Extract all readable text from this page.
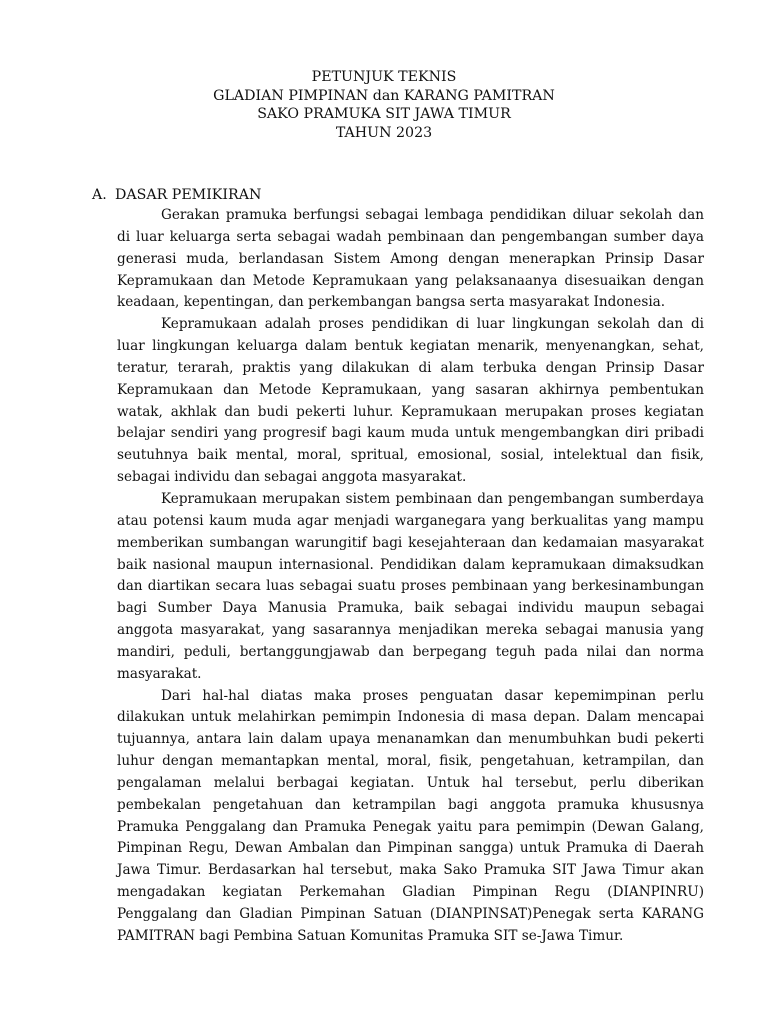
PETUNJUK TEKNIS
GLADIAN PIMPINAN dan KARANG PAMITRAN
SAKO PRAMUKA SIT JAWA TIMUR
TAHUN 2023
A. DASAR PEMIKIRAN

Gerakan pramuka berfungsi sebagai lembaga pendidikan diluar sekolah dan di luar keluarga serta sebagai wadah pembinaan dan pengembangan sumber daya generasi muda, berlandasan Sistem Among dengan menerapkan Prinsip Dasar Kepramukaan dan Metode Kepramukaan yang pelaksanaanya disesuaikan dengan keadaan, kepentingan, dan perkembangan bangsa serta masyarakat Indonesia.

Kepramukaan adalah proses pendidikan di luar lingkungan sekolah dan di luar lingkungan keluarga dalam bentuk kegiatan menarik, menyenangkan, sehat, teratur, terarah, praktis yang dilakukan di alam terbuka dengan Prinsip Dasar Kepramukaan dan Metode Kepramukaan, yang sasaran akhirnya pembentukan watak, akhlak dan budi pekerti luhur. Kepramukaan merupakan proses kegiatan belajar sendiri yang progresif bagi kaum muda untuk mengembangkan diri pribadi seutuhnya baik mental, moral, spritual, emosional, sosial, intelektual dan fisik, sebagai individu dan sebagai anggota masyarakat.

Kepramukaan merupakan sistem pembinaan dan pengembangan sumberdaya atau potensi kaum muda agar menjadi warganegara yang berkualitas yang mampu memberikan sumbangan warungitif bagi kesejahteraan dan kedamaian masyarakat baik nasional maupun internasional. Pendidikan dalam kepramukaan dimaksudkan dan diartikan secara luas sebagai suatu proses pembinaan yang berkesinambungan bagi Sumber Daya Manusia Pramuka, baik sebagai individu maupun sebagai anggota masyarakat, yang sasarannya menjadikan mereka sebagai manusia yang mandiri, peduli, bertanggungjawab dan berpegang teguh pada nilai dan norma masyarakat.

Dari hal-hal diatas maka proses penguatan dasar kepemimpinan perlu dilakukan untuk melahirkan pemimpin Indonesia di masa depan. Dalam mencapai tujuannya, antara lain dalam upaya menanamkan dan menumbuhkan budi pekerti luhur dengan memantapkan mental, moral, fisik, pengetahuan, ketrampilan, dan pengalaman melalui berbagai kegiatan. Untuk hal tersebut, perlu diberikan pembekalan pengetahuan dan ketrampilan bagi anggota pramuka khususnya Pramuka Penggalang dan Pramuka Penegak yaitu para pemimpin (Dewan Galang, Pimpinan Regu, Dewan Ambalan dan Pimpinan sangga) untuk Pramuka di Daerah Jawa Timur. Berdasarkan hal tersebut, maka Sako Pramuka SIT Jawa Timur akan mengadakan kegiatan Perkemahan Gladian Pimpinan Regu (DIANPINRU) Penggalang dan Gladian Pimpinan Satuan (DIANPINSAT)Penegak serta KARANG PAMITRAN bagi Pembina Satuan Komunitas Pramuka SIT se-Jawa Timur.
